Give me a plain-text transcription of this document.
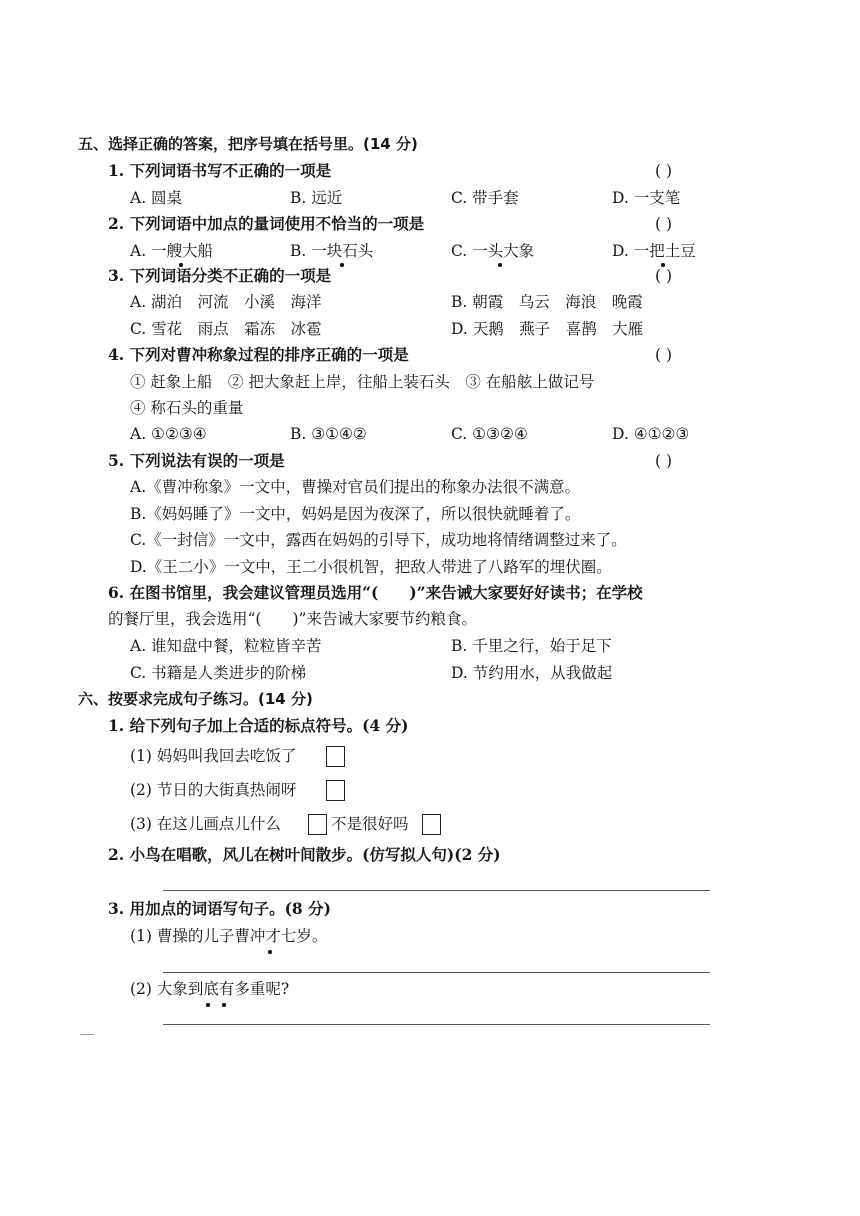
五、选择正确的答案，把序号填在括号里。(14 分)
1. 下列词语书写不正确的一项是	( )
A. 圆桌	B. 远近	C. 带手套	D. 一支笔
2. 下列词语中加点的量词使用不恰当的一项是	( )
A. 一艘大船	B. 一块石头	C. 一头大象	D. 一把土豆
3. 下列词语分类不正确的一项是	( )
A. 湖泊　河流　小溪　海洋	B. 朝霞　乌云　海浪　晚霞
C. 雪花　雨点　霜冻　冰雹	D. 天鹅　燕子　喜鹊　大雁
4. 下列对曹冲称象过程的排序正确的一项是	( )
① 赶象上船　② 把大象赶上岸，往船上装石头　③ 在船舷上做记号
④ 称石头的重量
A. ①②③④	B. ③①④②	C. ①③②④	D. ④①②③
5. 下列说法有误的一项是	( )
A.《曹冲称象》一文中，曹操对官员们提出的称象办法很不满意。
B.《妈妈睡了》一文中，妈妈是因为夜深了，所以很快就睡着了。
C.《一封信》一文中，露西在妈妈的引导下，成功地将情绪调整过来了。
D.《王二小》一文中，王二小很机智，把敌人带进了八路军的埋伏圈。
6. 在图书馆里，我会建议管理员选用“(　　)”来告诫大家要好好读书；在学校
的餐厅里，我会选用“(　　)”来告诫大家要节约粮食。
A. 谁知盘中餐，粒粒皆辛苦	B. 千里之行，始于足下
C. 书籍是人类进步的阶梯	D. 节约用水，从我做起
六、按要求完成句子练习。(14 分)
1. 给下列句子加上合适的标点符号。(4 分)
(1) 妈妈叫我回去吃饭了
(2) 节日的大街真热闹呀
(3) 在这儿画点儿什么	不是很好吗
2. 小鸟在唱歌，风儿在树叶间散步。(仿写拟人句)(2 分)
3. 用加点的词语写句子。(8 分)
(1) 曹操的儿子曹冲才七岁。
(2) 大象到底有多重呢?
